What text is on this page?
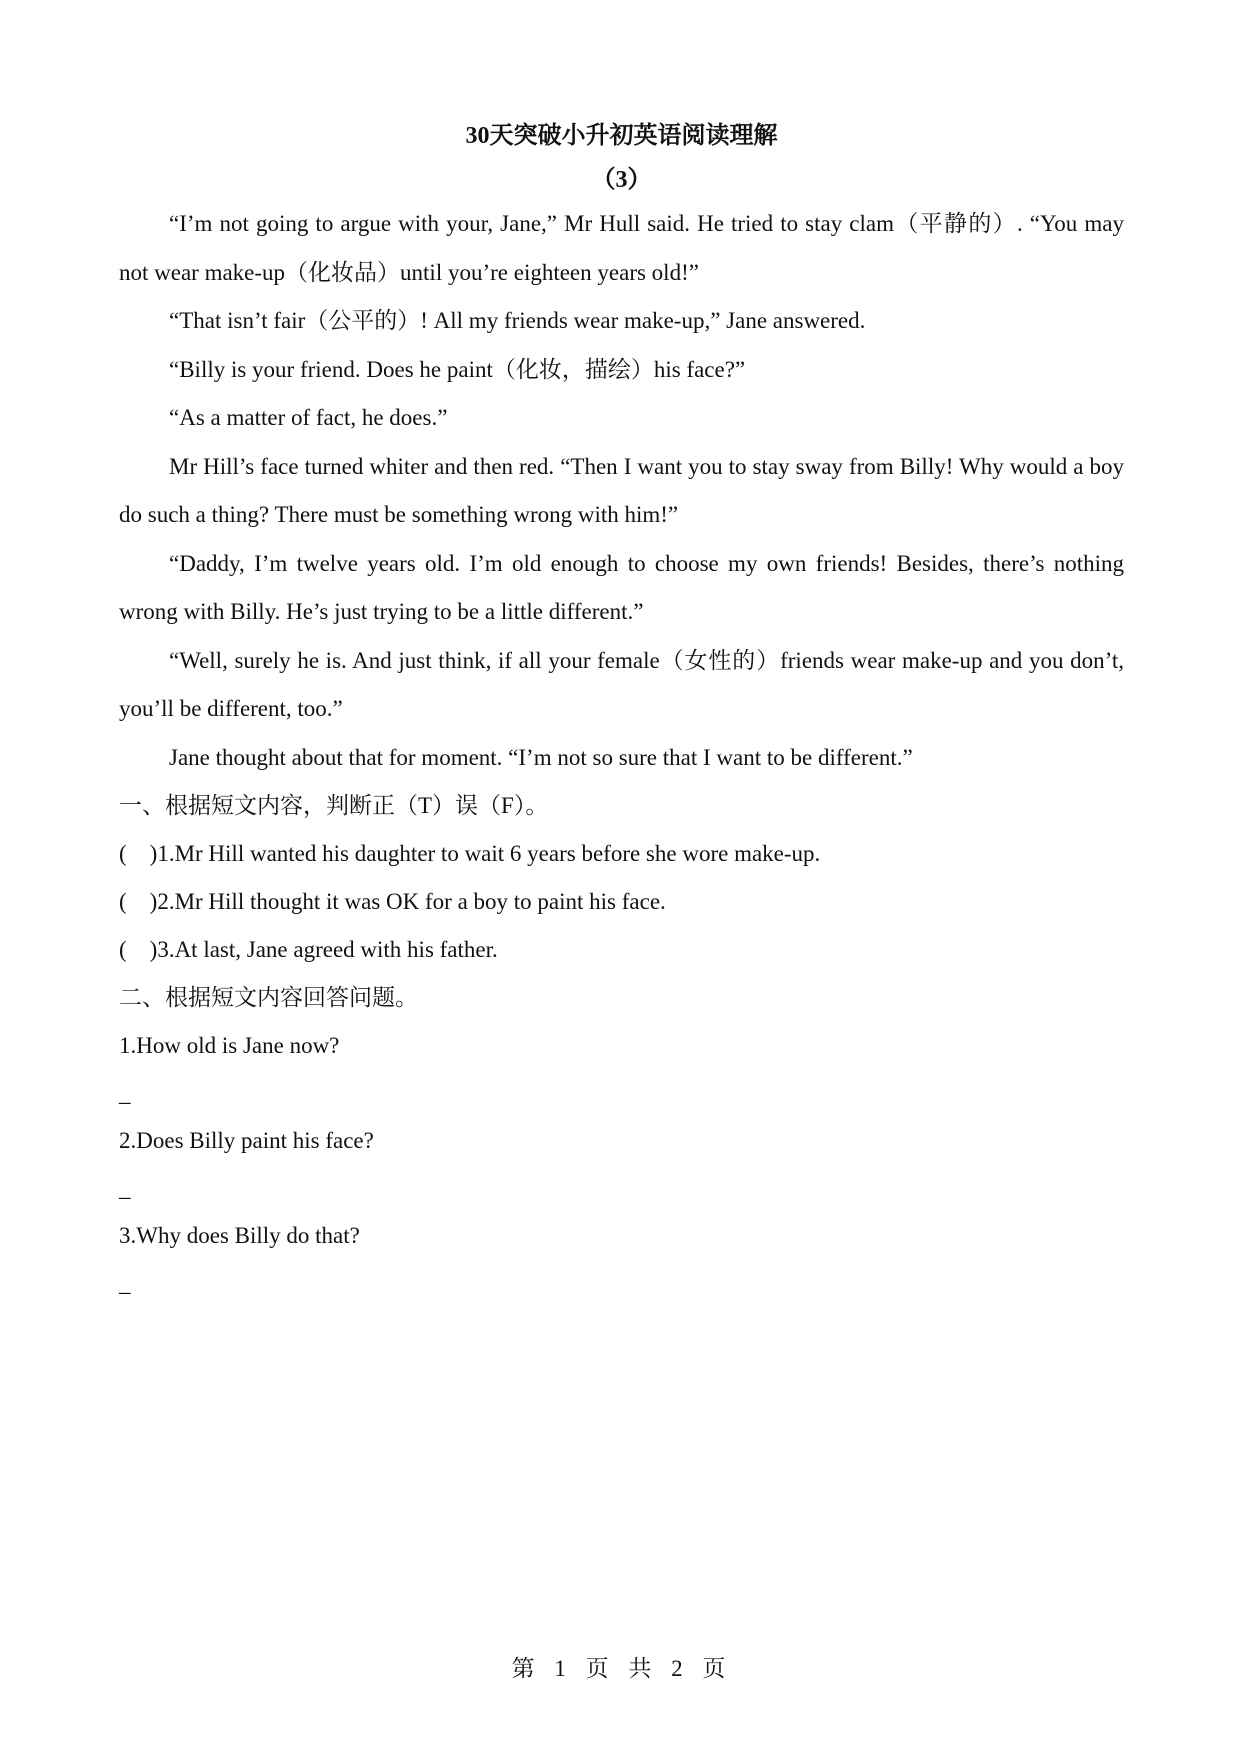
30天突破小升初英语阅读理解

（3）

“I’m not going to argue with your, Jane,” Mr Hull said. He tried to stay clam（平静的）. “You may not wear make-up（化妆品）until you’re eighteen years old!”

“That isn’t fair（公平的）! All my friends wear make-up,” Jane answered.

“Billy is your friend. Does he paint（化妆，描绘）his face?”

“As a matter of fact, he does.”

Mr Hill’s face turned whiter and then red. “Then I want you to stay sway from Billy! Why would a boy do such a thing? There must be something wrong with him!”

“Daddy, I’m twelve years old. I’m old enough to choose my own friends! Besides, there’s nothing wrong with Billy. He’s just trying to be a little different.”

“Well, surely he is. And just think, if all your female（女性的）friends wear make-up and you don’t, you’ll be different, too.”

Jane thought about that for moment. “I’m not so sure that I want to be different.”

一、根据短文内容，判断正（T）误（F）。

(　)1.Mr Hill wanted his daughter to wait 6 years before she wore make-up.

(　)2.Mr Hill thought it was OK for a boy to paint his face.

(　)3.At last, Jane agreed with his father.

二、根据短文内容回答问题。

1.How old is Jane now?

_

2.Does Billy paint his face?

_

3.Why does Billy do that?

_

第 1 页 共 2 页
